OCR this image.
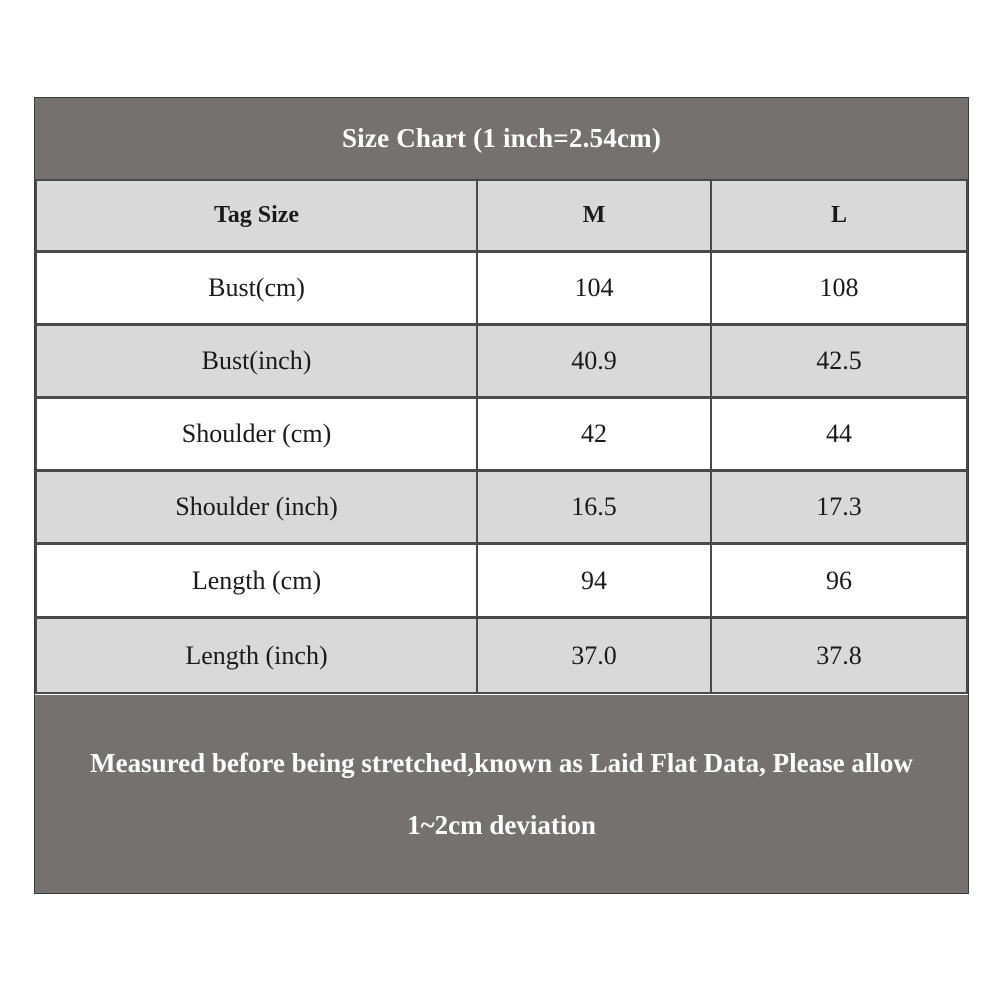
Size Chart (1 inch=2.54cm)
Tag Size	M	L
Bust(cm)	104	108
Bust(inch)	40.9	42.5
Shoulder (cm)	42	44
Shoulder (inch)	16.5	17.3
Length (cm)	94	96
Length (inch)	37.0	37.8
Measured before being stretched,known as Laid Flat Data, Please allow
1~2cm deviation
